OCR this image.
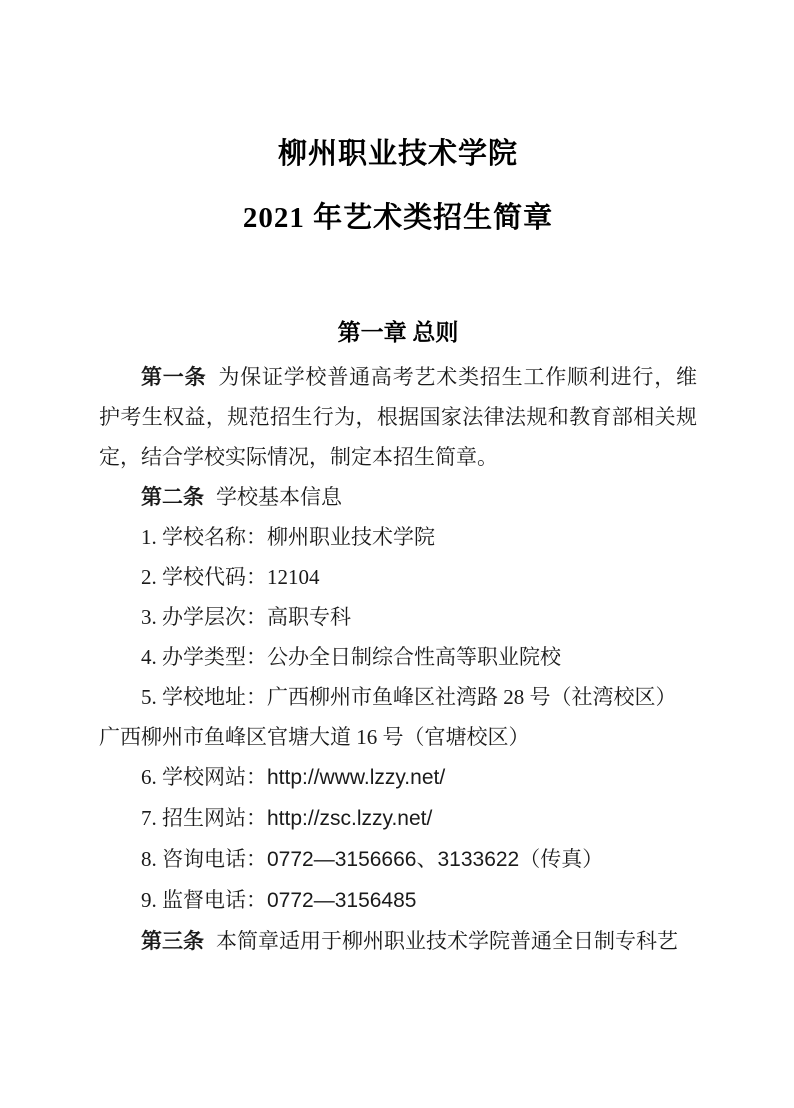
柳州职业技术学院
2021 年艺术类招生简章
第一章 总则

第一条 为保证学校普通高考艺术类招生工作顺利进行，维护考生权益，规范招生行为，根据国家法律法规和教育部相关规定，结合学校实际情况，制定本招生简章。

第二条 学校基本信息

1. 学校名称：柳州职业技术学院

2. 学校代码：12104

3. 办学层次：高职专科

4. 办学类型：公办全日制综合性高等职业院校

5. 学校地址：广西柳州市鱼峰区社湾路 28 号（社湾校区）

广西柳州市鱼峰区官塘大道 16 号（官塘校区）

6. 学校网站：http://www.lzzy.net/

7. 招生网站：http://zsc.lzzy.net/

8. 咨询电话：0772—3156666、3133622（传真）

9. 监督电话：0772—3156485

第三条 本简章适用于柳州职业技术学院普通全日制专科艺
